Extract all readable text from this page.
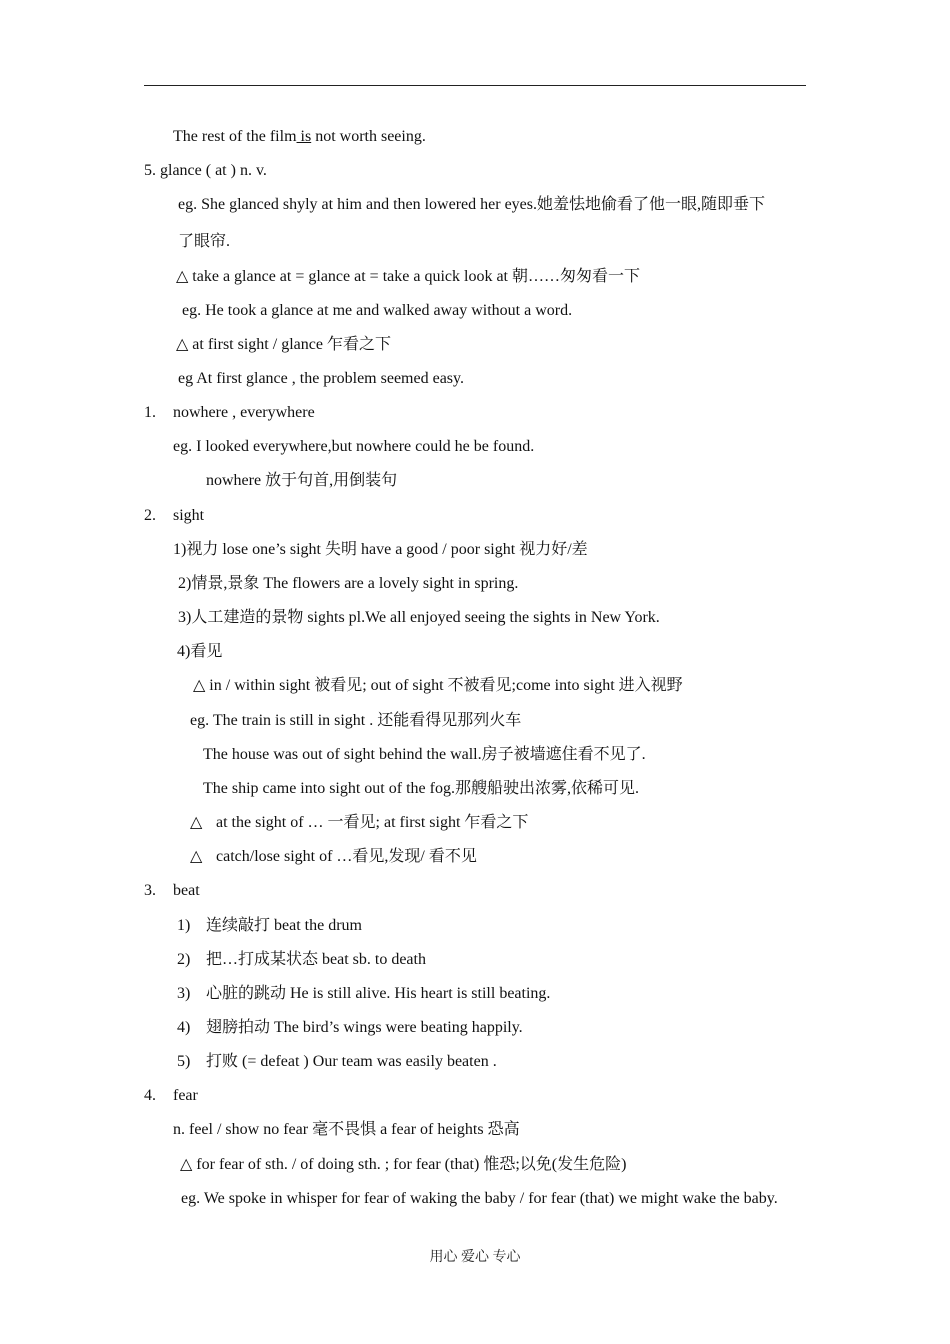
The rest of the film is not worth seeing.
5. glance ( at ) n. v.
eg. She glanced shyly at him and then lowered her eyes.她羞怯地偷看了他一眼,随即垂下
了眼帘.
△ take a glance at = glance at = take a quick look at 朝……匆匆看一下
eg. He took a glance at me and walked away without a word.
△ at first sight / glance 乍看之下
eg At first glance , the problem seemed easy.
1. nowhere , everywhere
eg. I looked everywhere,but nowhere could he be found.
nowhere 放于句首,用倒装句
2. sight
1)视力 lose one’s sight 失明 have a good / poor sight 视力好/差
2)情景,景象 The flowers are a lovely sight in spring.
3)人工建造的景物 sights pl.We all enjoyed seeing the sights in New York.
4)看见
△ in / within sight 被看见; out of sight 不被看见;come into sight 进入视野
eg. The train is still in sight . 还能看得见那列火车
The house was out of sight behind the wall.房子被墙遮住看不见了.
The ship came into sight out of the fog.那艘船驶出浓雾,依稀可见.
△ at the sight of … 一看见; at first sight 乍看之下
△ catch/lose sight of …看见,发现/ 看不见
3. beat
1) 连续敲打 beat the drum
2) 把…打成某状态 beat sb. to death
3) 心脏的跳动 He is still alive. His heart is still beating.
4) 翅膀拍动 The bird’s wings were beating happily.
5) 打败 (= defeat ) Our team was easily beaten .
4. fear
n. feel / show no fear 毫不畏惧 a fear of heights 恐高
△ for fear of sth. / of doing sth. ; for fear (that) 惟恐;以免(发生危险)
eg. We spoke in whisper for fear of waking the baby / for fear (that) we might wake the baby.
用心 爱心 专心
